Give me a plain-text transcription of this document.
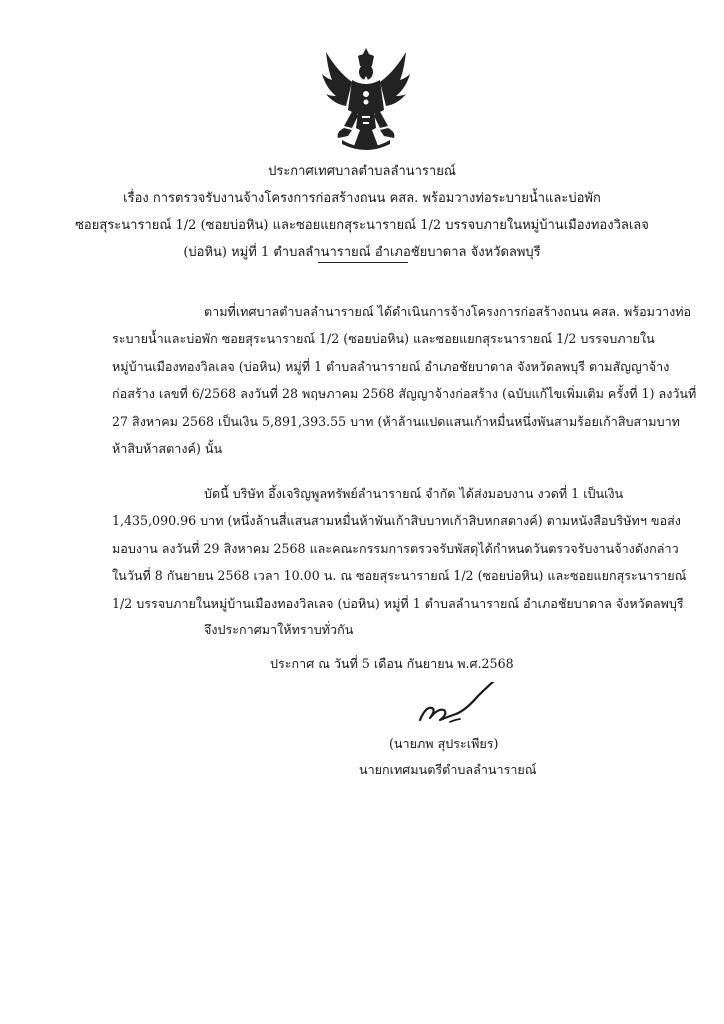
ประกาศเทศบาลตำบลลำนารายณ์
เรื่อง การตรวจรับงานจ้างโครงการก่อสร้างถนน คสล. พร้อมวางท่อระบายน้ำและบ่อพัก
ซอยสุระนารายณ์ 1/2 (ซอยบ่อหิน) และซอยแยกสุระนารายณ์ 1/2 บรรจบภายในหมู่บ้านเมืองทองวิลเลจ
(บ่อหิน) หมู่ที่ 1 ตำบลลำนารายณ์ อำเภอชัยบาดาล จังหวัดลพบุรี
ตามที่เทศบาลตำบลลำนารายณ์ ได้ดำเนินการจ้างโครงการก่อสร้างถนน คสล. พร้อมวางท่อ
ระบายน้ำและบ่อพัก ซอยสุระนารายณ์ 1/2 (ซอยบ่อหิน) และซอยแยกสุระนารายณ์ 1/2 บรรจบภายใน
หมู่บ้านเมืองทองวิลเลจ (บ่อหิน) หมู่ที่ 1 ตำบลลำนารายณ์ อำเภอชัยบาดาล จังหวัดลพบุรี ตามสัญญาจ้าง
ก่อสร้าง เลขที่ 6/2568 ลงวันที่ 28 พฤษภาคม 2568 สัญญาจ้างก่อสร้าง (ฉบับแก้ไขเพิ่มเติม ครั้งที่ 1) ลงวันที่
27 สิงหาคม 2568 เป็นเงิน 5,891,393.55 บาท (ห้าล้านแปดแสนเก้าหมื่นหนึ่งพันสามร้อยเก้าสิบสามบาท
ห้าสิบห้าสตางค์) นั้น
บัดนี้ บริษัท อึ้งเจริญพูลทรัพย์ลำนารายณ์ จำกัด ได้ส่งมอบงาน งวดที่ 1 เป็นเงิน
1,435,090.96 บาท (หนึ่งล้านสี่แสนสามหมื่นห้าพันเก้าสิบบาทเก้าสิบหกสตางค์) ตามหนังสือบริษัทฯ ขอส่ง
มอบงาน ลงวันที่ 29 สิงหาคม 2568 และคณะกรรมการตรวจรับพัสดุได้กำหนดวันตรวจรับงานจ้างดังกล่าว
ในวันที่ 8 กันยายน 2568 เวลา 10.00 น. ณ ซอยสุระนารายณ์ 1/2 (ซอยบ่อหิน) และซอยแยกสุระนารายณ์
1/2 บรรจบภายในหมู่บ้านเมืองทองวิลเลจ (บ่อหิน) หมู่ที่ 1 ตำบลลำนารายณ์ อำเภอชัยบาดาล จังหวัดลพบุรี
จึงประกาศมาให้ทราบทั่วกัน
ประกาศ ณ วันที่ 5 เดือน กันยายน พ.ศ.2568
(นายภพ สุประเพียร)
นายกเทศมนตรีตำบลลำนารายณ์
